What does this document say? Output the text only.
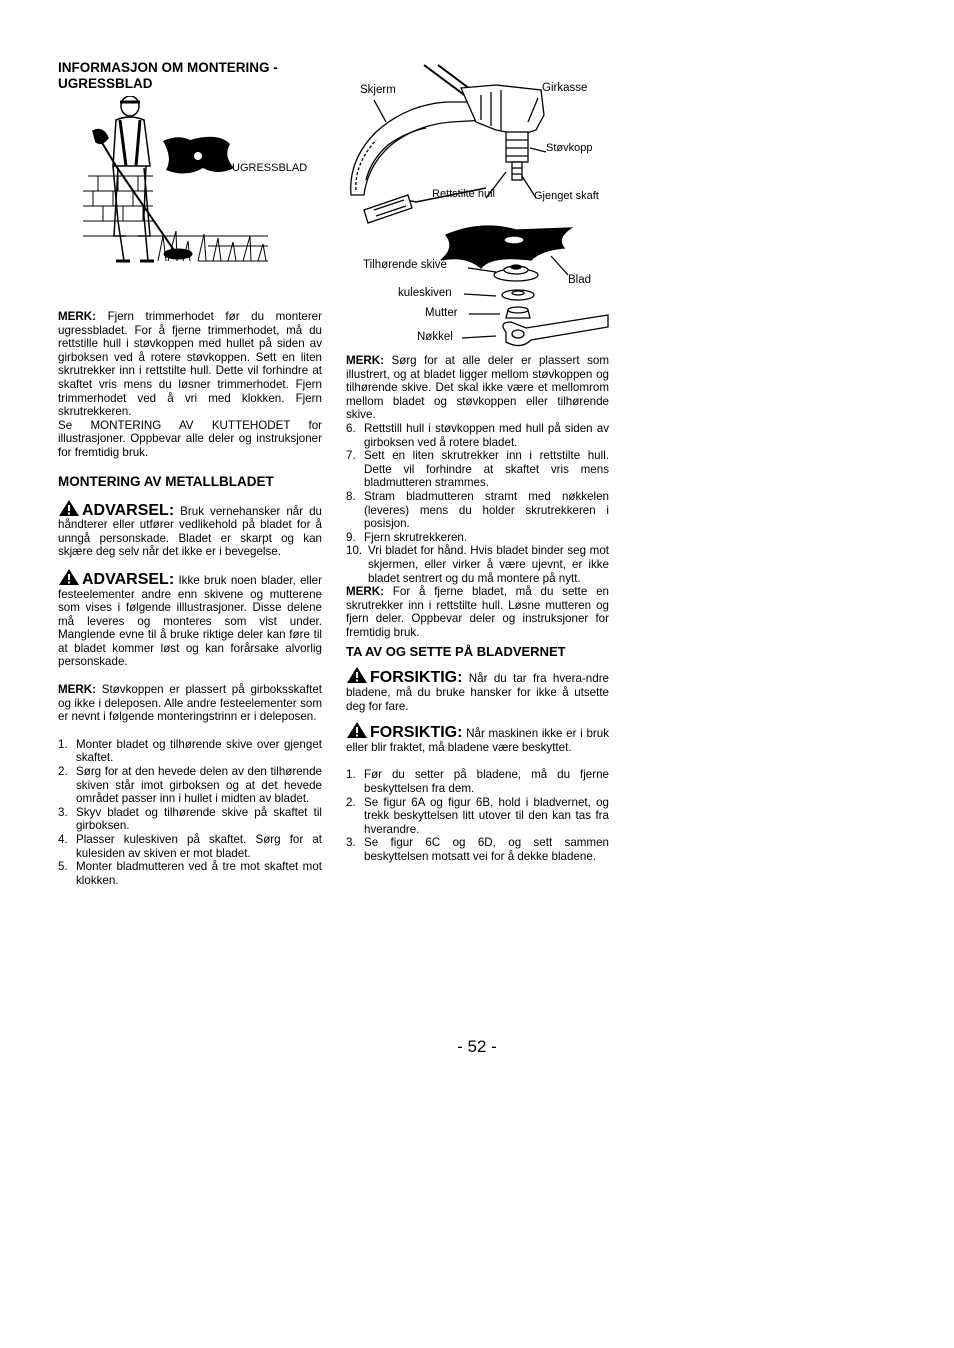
INFORMASJON OM MONTERING - UGRESSBLAD

UGRESSBLAD

MERK: Fjern trimmerhodet før du monterer ugressbladet. For å fjerne trimmerhodet, må du rettstille hull i støvkoppen med hullet på siden av girboksen ved å rotere støvkoppen. Sett en liten skrutrekker inn i rettstilte hull. Dette vil forhindre at skaftet vris mens du løsner trimmerhodet. Fjern trimmerhodet ved å vri med klokken. Fjern skrutrekkeren.

Se MONTERING AV KUTTEHODET for illustrasjoner. Oppbevar alle deler og instruksjoner for fremtidig bruk.

MONTERING AV METALLBLADET

ADVARSEL: Bruk vernehansker når du håndterer eller utfører vedlikehold på bladet for å unngå personskade. Bladet er skarpt og kan skjære deg selv når det ikke er i bevegelse.

ADVARSEL: Ikke bruk noen blader, eller festeelementer andre enn skivene og mutterene som vises i følgende illlustrasjoner. Disse delene må leveres og monteres som vist under. Manglende evne til å bruke riktige deler kan føre til at bladet kommer løst og kan forårsake alvorlig personskade.

MERK: Støvkoppen er plassert på girboksskaftet og ikke i deleposen. Alle andre festeelementer som er nevnt i følgende monteringstrinn er i deleposen.

1. Monter bladet og tilhørende skive over gjenget skaftet.
2. Sørg for at den hevede delen av den tilhørende skiven står imot girboksen og at det hevede området passer inn i hullet i midten av bladet.
3. Skyv bladet og tilhørende skive på skaftet til girboksen.
4. Plasser kuleskiven på skaftet. Sørg for at kulesiden av skiven er mot bladet.
5. Monter bladmutteren ved å tre mot skaftet mot klokken.
Skjerm	Girkasse
Støvkopp
Rettstilte hull	Gjenget skaft
Tilhørende skive
Blad
kuleskiven
Mutter
Nøkkel

MERK: Sørg for at alle deler er plassert som illustrert, og at bladet ligger mellom støvkoppen og tilhørende skive. Det skal ikke være et mellomrom mellom bladet og støvkoppen eller tilhørende skive.

6. Rettstill hull i støvkoppen med hull på siden av girboksen ved å rotere bladet.
7. Sett en liten skrutrekker inn i rettstilte hull. Dette vil forhindre at skaftet vris mens bladmutteren strammes.
8. Stram bladmutteren stramt med nøkkelen (leveres) mens du holder skrutrekkeren i posisjon.
9. Fjern skrutrekkeren.
10. Vri bladet for hånd. Hvis bladet binder seg mot skjermen, eller virker å være ujevnt, er ikke bladet sentrert og du må montere på nytt.

MERK: For å fjerne bladet, må du sette en skrutrekker inn i rettstilte hull. Løsne mutteren og fjern deler. Oppbevar deler og instruksjoner for fremtidig bruk.

TA AV OG SETTE PÅ BLADVERNET

FORSIKTIG: Når du tar fra hvera-ndre bladene, må du bruke hansker for ikke å utsette deg for fare.

FORSIKTIG: Når maskinen ikke er i bruk eller blir fraktet, må bladene være beskyttet.

1. Før du setter på bladene, må du fjerne beskyttelsen fra dem.
2. Se figur 6A og figur 6B, hold i bladvernet, og trekk beskyttelsen litt utover til den kan tas fra hverandre.
3. Se figur 6C og 6D, og sett sammen beskyttelsen motsatt vei for å dekke bladene.
- 52 -
